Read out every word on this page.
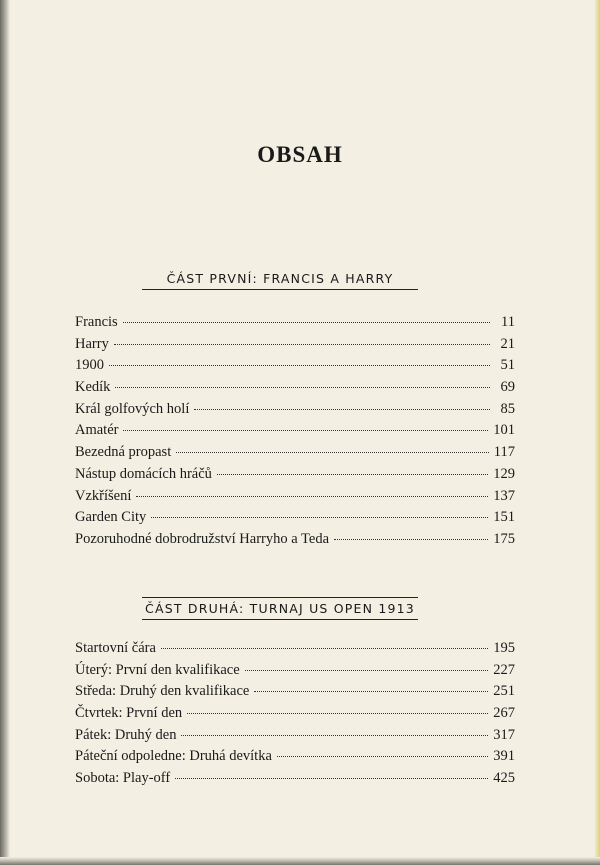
OBSAH
ČÁST PRVNÍ: FRANCIS A HARRY
Francis	11
Harry	21
1900	51
Kedík	69
Král golfových holí	85
Amatér	101
Bezedná propast	117
Nástup domácích hráčů	129
Vzkříšení	137
Garden City	151
Pozoruhodné dobrodružství Harryho a Teda	175
ČÁST DRUHÁ: TURNAJ US OPEN 1913
Startovní čára	195
Úterý: První den kvalifikace	227
Středa: Druhý den kvalifikace	251
Čtvrtek: První den	267
Pátek: Druhý den	317
Páteční odpoledne: Druhá devítka	391
Sobota: Play-off	425
